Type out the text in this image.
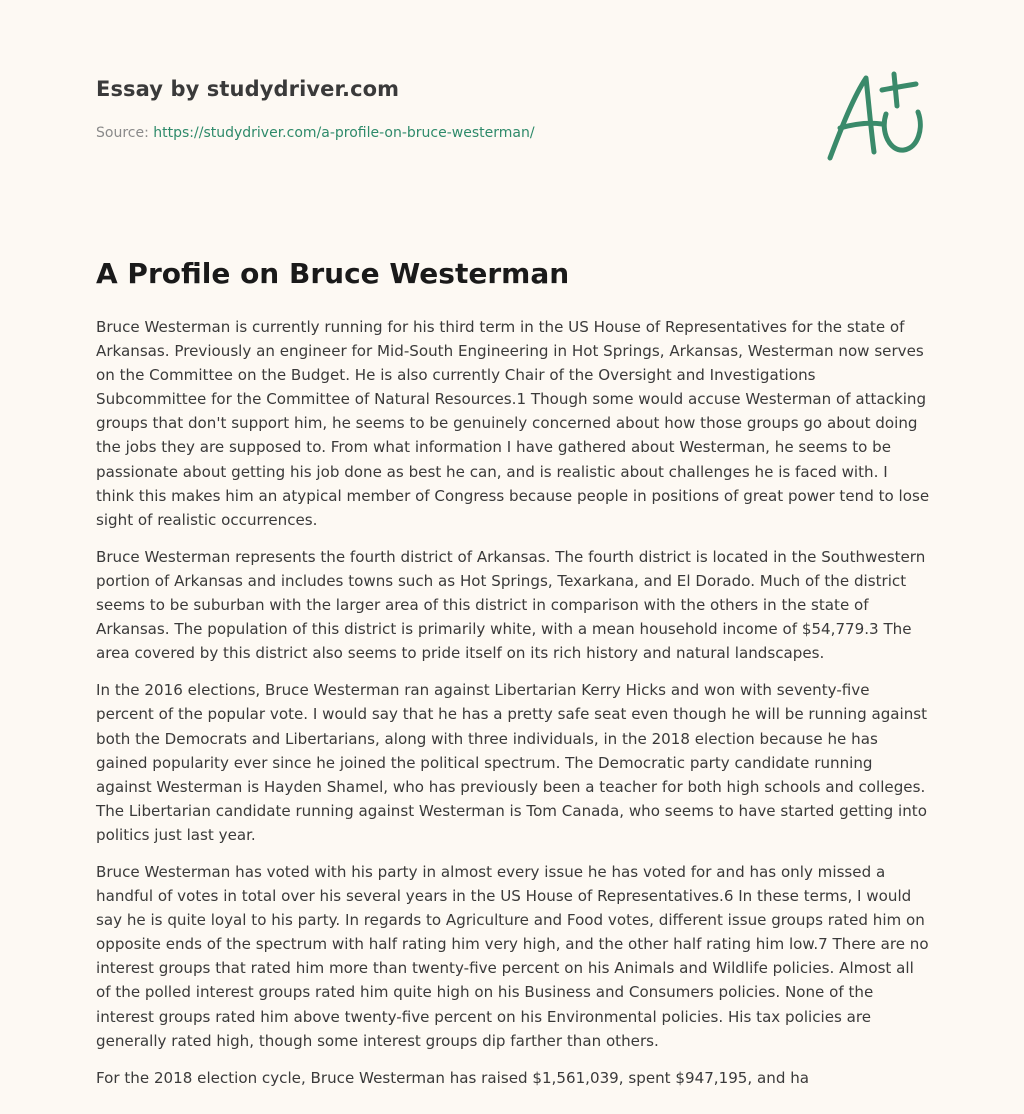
Essay by studydriver.com
Source: https://studydriver.com/a-profile-on-bruce-westerman/
A Profile on Bruce Westerman

Bruce Westerman is currently running for his third term in the US House of Representatives for the state of Arkansas. Previously an engineer for Mid-South Engineering in Hot Springs, Arkansas, Westerman now serves on the Committee on the Budget. He is also currently Chair of the Oversight and Investigations Subcommittee for the Committee of Natural Resources.1 Though some would accuse Westerman of attacking groups that don't support him, he seems to be genuinely concerned about how those groups go about doing the jobs they are supposed to. From what information I have gathered about Westerman, he seems to be passionate about getting his job done as best he can, and is realistic about challenges he is faced with. I think this makes him an atypical member of Congress because people in positions of great power tend to lose sight of realistic occurrences.

Bruce Westerman represents the fourth district of Arkansas. The fourth district is located in the Southwestern portion of Arkansas and includes towns such as Hot Springs, Texarkana, and El Dorado. Much of the district seems to be suburban with the larger area of this district in comparison with the others in the state of Arkansas. The population of this district is primarily white, with a mean household income of $54,779.3 The area covered by this district also seems to pride itself on its rich history and natural landscapes.

In the 2016 elections, Bruce Westerman ran against Libertarian Kerry Hicks and won with seventy-five percent of the popular vote. I would say that he has a pretty safe seat even though he will be running against both the Democrats and Libertarians, along with three individuals, in the 2018 election because he has gained popularity ever since he joined the political spectrum. The Democratic party candidate running against Westerman is Hayden Shamel, who has previously been a teacher for both high schools and colleges. The Libertarian candidate running against Westerman is Tom Canada, who seems to have started getting into politics just last year.

Bruce Westerman has voted with his party in almost every issue he has voted for and has only missed a handful of votes in total over his several years in the US House of Representatives.6 In these terms, I would say he is quite loyal to his party. In regards to Agriculture and Food votes, different issue groups rated him on opposite ends of the spectrum with half rating him very high, and the other half rating him low.7 There are no interest groups that rated him more than twenty-five percent on his Animals and Wildlife policies. Almost all of the polled interest groups rated him quite high on his Business and Consumers policies. None of the interest groups rated him above twenty-five percent on his Environmental policies. His tax policies are generally rated high, though some interest groups dip farther than others.

For the 2018 election cycle, Bruce Westerman has raised $1,561,039, spent $947,195, and ha
